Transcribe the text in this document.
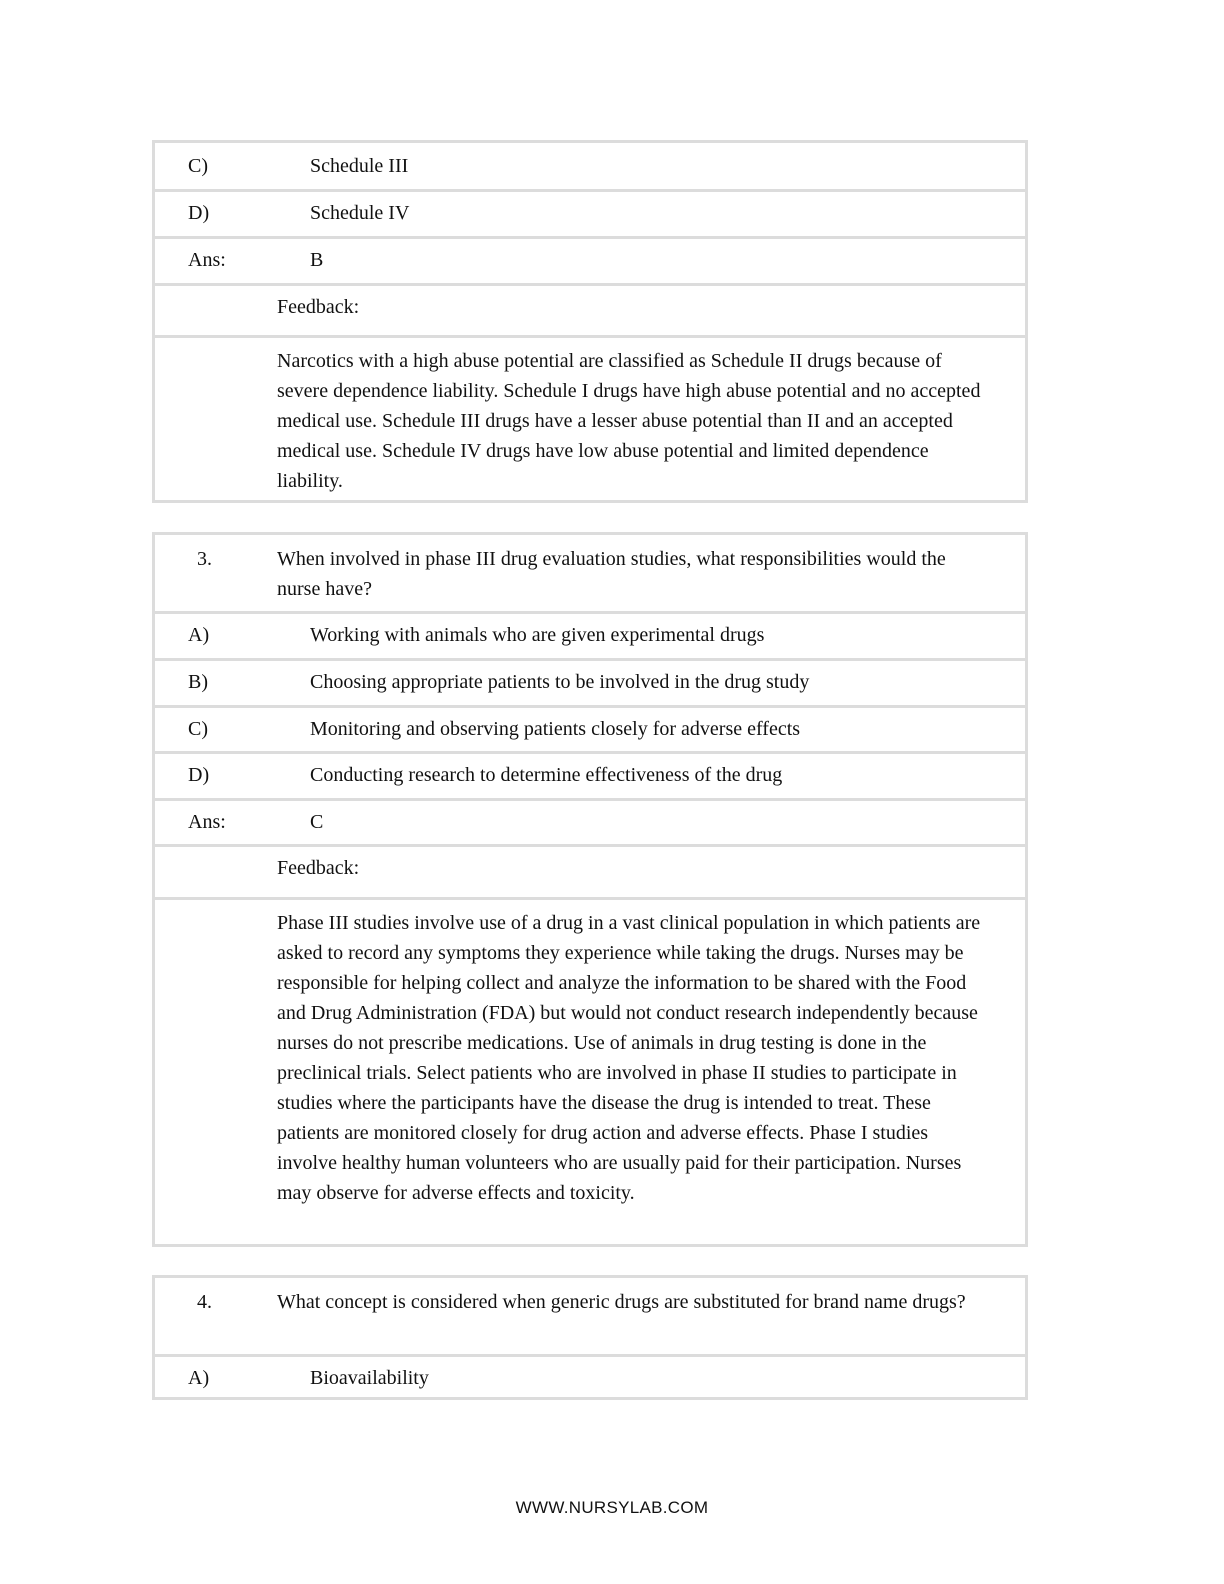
C)	Schedule III
D)	Schedule IV
Ans:	B
Feedback:
Narcotics with a high abuse potential are classified as Schedule II drugs because of severe dependence liability. Schedule I drugs have high abuse potential and no accepted medical use. Schedule III drugs have a lesser abuse potential than II and an accepted medical use. Schedule IV drugs have low abuse potential and limited dependence liability.
3.	When involved in phase III drug evaluation studies, what responsibilities would the nurse have?
A)	Working with animals who are given experimental drugs
B)	Choosing appropriate patients to be involved in the drug study
C)	Monitoring and observing patients closely for adverse effects
D)	Conducting research to determine effectiveness of the drug
Ans:	C
Feedback:
Phase III studies involve use of a drug in a vast clinical population in which patients are asked to record any symptoms they experience while taking the drugs. Nurses may be responsible for helping collect and analyze the information to be shared with the Food and Drug Administration (FDA) but would not conduct research independently because nurses do not prescribe medications. Use of animals in drug testing is done in the preclinical trials. Select patients who are involved in phase II studies to participate in studies where the participants have the disease the drug is intended to treat. These patients are monitored closely for drug action and adverse effects. Phase I studies involve healthy human volunteers who are usually paid for their participation. Nurses may observe for adverse effects and toxicity.
4.	What concept is considered when generic drugs are substituted for brand name drugs?
A)	Bioavailability
WWW.NURSYLAB.COM
